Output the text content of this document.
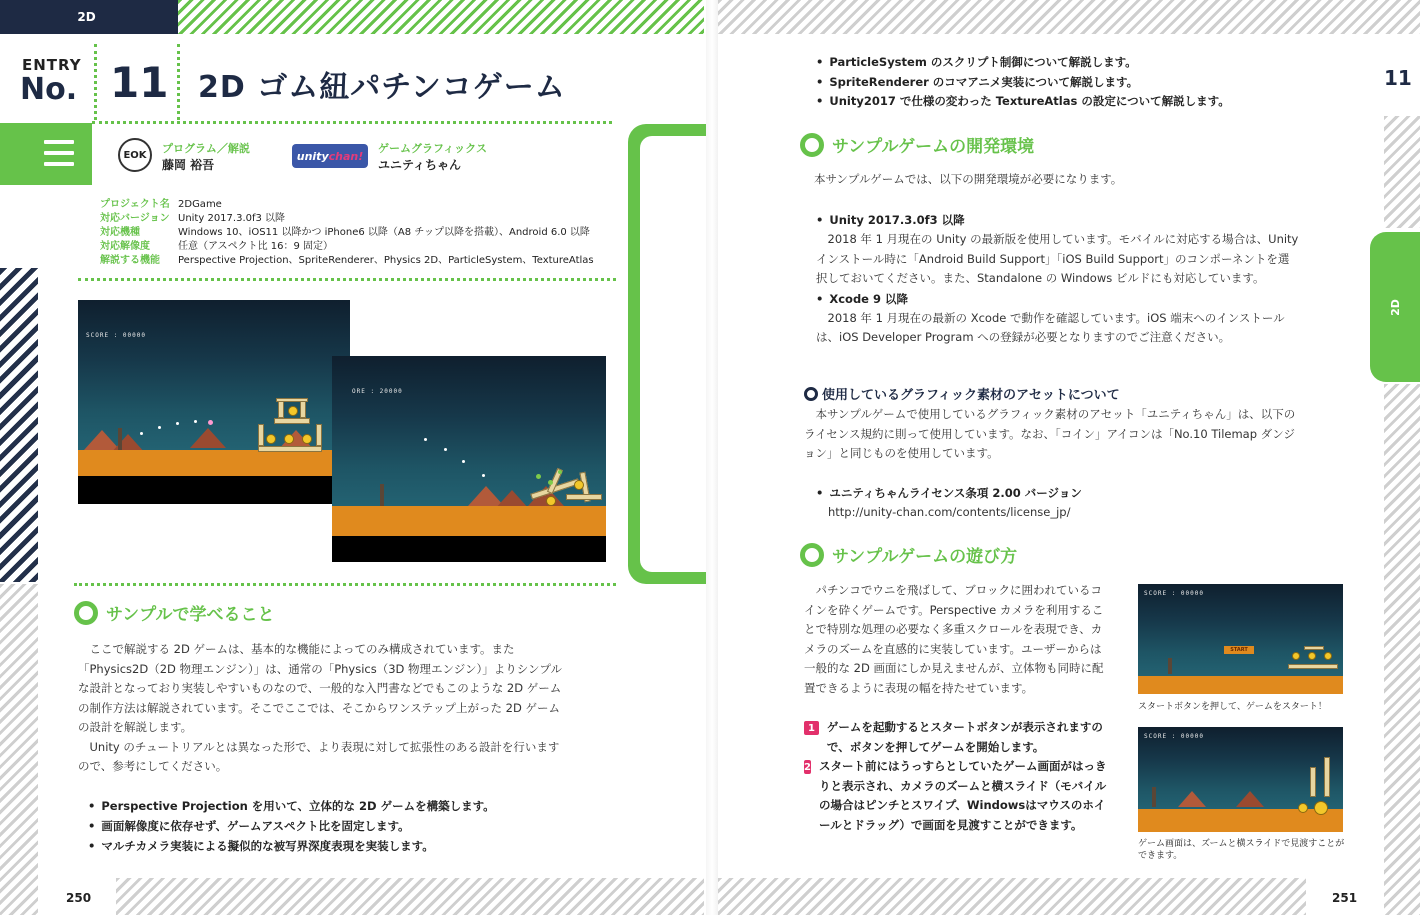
2D
ENTRY
No. 11 2D ゴム紐パチンコゲーム
EOK	プログラム／解説
藤岡 裕吾
unity chan!
ゲームグラフィックス
ユニティちゃん
プロジェクト名 2DGame
対応バージョン Unity 2017.3.0f3 以降
対応機種	Windows 10、iOS11 以降かつ iPhone6 以降（A8 チップ以降を搭載）、Android 6.0 以降
対応解像度	任意（アスペクト比 16：9 固定）
解説する機能	Perspective Projection、SpriteRenderer、Physics 2D、ParticleSystem、TextureAtlas
SCORE : 00000
ORE : 20000
サンプルで学べること

　ここで解説する 2D ゲームは、基本的な機能によってのみ構成されています。また「Physics2D（2D 物理エンジン）」は、通常の「Physics（3D 物理エンジン）」よりシンプルな設計となっており実装しやすいものなので、一般的な入門書などでもこのような 2D ゲームの制作方法は解説されています。そこでここでは、そこからワンステップ上がった 2D ゲームの設計を解説します。

　Unity のチュートリアルとは異なった形で、より表現に対して拡張性のある設計を行いますので、参考にしてください。

• Perspective Projection を用いて、立体的な 2D ゲームを構築します。
• 画面解像度に依存せず、ゲームアスペクト比を固定します。
• マルチカメラ実装による擬似的な被写界深度表現を実装します。
250
11
2D
• ParticleSystem のスクリプト制御について解説します。
• SpriteRenderer のコマアニメ実装について解説します。
• Unity2017 で仕様の変わった TextureAtlas の設定について解説します。
サンプルゲームの開発環境
本サンプルゲームでは、以下の開発環境が必要になります。
• Unity 2017.3.0f3 以降

　2018 年 1 月現在の Unity の最新版を使用しています。モバイルに対応する場合は、Unity インストール時に「Android Build Support」「iOS Build Support」のコンポーネントを選択しておいてください。また、Standalone の Windows ビルドにも対応しています。

• Xcode 9 以降

　2018 年 1 月現在の最新の Xcode で動作を確認しています。iOS 端末へのインストールは、iOS Developer Program への登録が必要となりますのでご注意ください。

使用しているグラフィック素材のアセットについて
　本サンプルゲームで使用しているグラフィック素材のアセット「ユニティちゃん」は、以下のライセンス規約に則って使用しています。なお、「コイン」アイコンは「No.10 Tilemap ダンジョン」と同じものを使用しています。
• ユニティちゃんライセンス条項 2.00 バージョン
http://unity-chan.com/contents/license_jp/
サンプルゲームの遊び方
　パチンコでウニを飛ばして、ブロックに囲われているコインを砕くゲームです。Perspective カメラを利用することで特別な処理の必要なく多重スクロールを表現でき、カメラのズームを直感的に実装しています。ユーザーからは一般的な 2D 画面にしか見えませんが、立体物も同時に配置できるように表現の幅を持たせています。
1	ゲームを起動するとスタートボタンが表示されますので、ボタンを押してゲームを開始します。

2 スタート前にはうっすらとしていたゲーム画面がはっきりと表示され、カメラのズームと横スライド（モバイルの場合はピンチとスワイプ、Windowsはマウスのホイールとドラッグ）で画面を見渡すことができます。

SCORE : 00000
START
スタートボタンを押して、ゲームをスタート！
SCORE : 00000
ゲーム画面は、ズームと横スライドで見渡すことができます。
251
